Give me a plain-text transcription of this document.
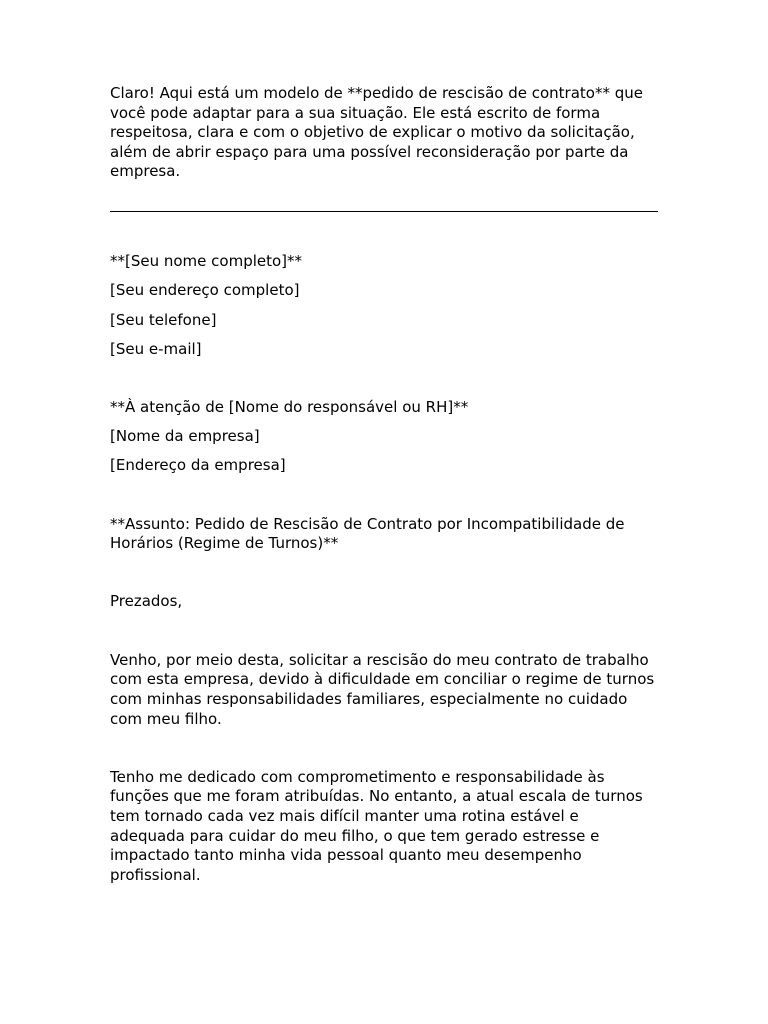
Claro! Aqui está um modelo de **pedido de rescisão de contrato** que você pode adaptar para a sua situação. Ele está escrito de forma respeitosa, clara e com o objetivo de explicar o motivo da solicitação, além de abrir espaço para uma possível reconsideração por parte da empresa.

**[Seu nome completo]**

[Seu endereço completo]

[Seu telefone]

[Seu e-mail]

**À atenção de [Nome do responsável ou RH]**

[Nome da empresa]

[Endereço da empresa]

**Assunto: Pedido de Rescisão de Contrato por Incompatibilidade de Horários (Regime de Turnos)**

Prezados,

Venho, por meio desta, solicitar a rescisão do meu contrato de trabalho com esta empresa, devido à dificuldade em conciliar o regime de turnos com minhas responsabilidades familiares, especialmente no cuidado com meu filho.

Tenho me dedicado com comprometimento e responsabilidade às funções que me foram atribuídas. No entanto, a atual escala de turnos tem tornado cada vez mais difícil manter uma rotina estável e adequada para cuidar do meu filho, o que tem gerado estresse e impactado tanto minha vida pessoal quanto meu desempenho profissional.
